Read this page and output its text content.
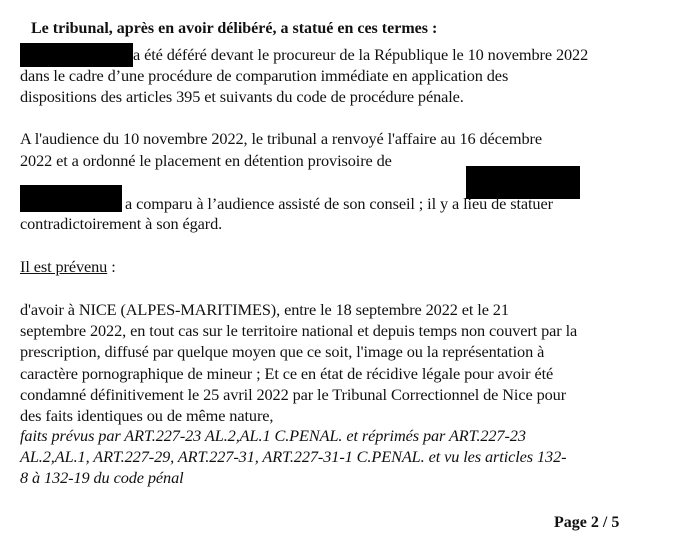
Le tribunal, après en avoir délibéré, a statué en ces termes :
a été déféré devant le procureur de la République le 10 novembre 2022
dans le cadre d’une procédure de comparution immédiate en application des
dispositions des articles 395 et suivants du code de procédure pénale.
A l'audience du 10 novembre 2022, le tribunal a renvoyé l'affaire au 16 décembre
2022 et a ordonné le placement en détention provisoire de
a comparu à l’audience assisté de son conseil ; il y a lieu de statuer
contradictoirement à son égard.
Il est prévenu :
d'avoir à NICE (ALPES-MARITIMES), entre le 18 septembre 2022 et le 21
septembre 2022, en tout cas sur le territoire national et depuis temps non couvert par la
prescription, diffusé par quelque moyen que ce soit, l'image ou la représentation à
caractère pornographique de mineur ; Et ce en état de récidive légale pour avoir été
condamné définitivement le 25 avril 2022 par le Tribunal Correctionnel de Nice pour
des faits identiques ou de même nature,
faits prévus par ART.227-23 AL.2,AL.1 C.PENAL. et réprimés par ART.227-23
AL.2,AL.1, ART.227-29, ART.227-31, ART.227-31-1 C.PENAL. et vu les articles 132-
8 à 132-19 du code pénal
Page 2 / 5
